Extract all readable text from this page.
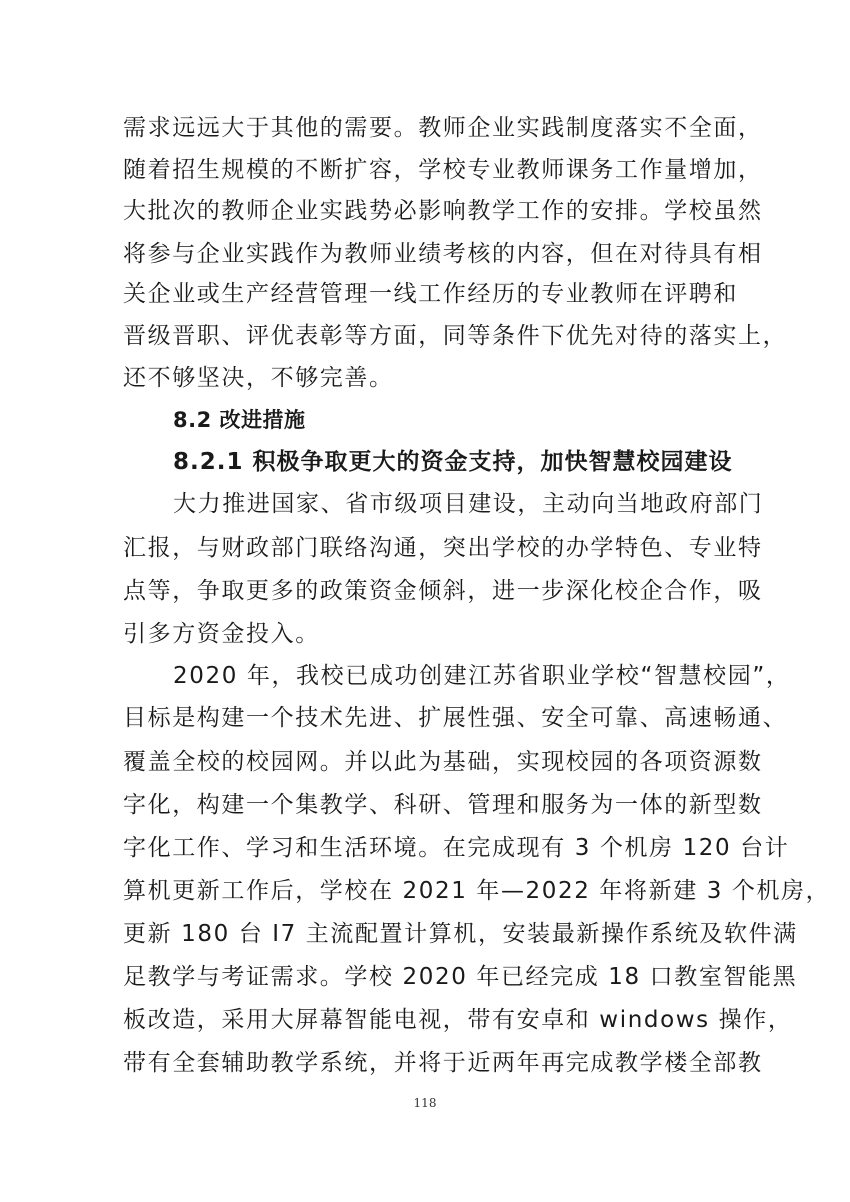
需求远远大于其他的需要。教师企业实践制度落实不全面，
随着招生规模的不断扩容，学校专业教师课务工作量增加，
大批次的教师企业实践势必影响教学工作的安排。学校虽然
将参与企业实践作为教师业绩考核的内容，但在对待具有相
关企业或生产经营管理一线工作经历的专业教师在评聘和
晋级晋职、评优表彰等方面，同等条件下优先对待的落实上，
还不够坚决，不够完善。
8.2 改进措施
8.2.1 积极争取更大的资金支持，加快智慧校园建设
大力推进国家、省市级项目建设，主动向当地政府部门
汇报，与财政部门联络沟通，突出学校的办学特色、专业特
点等，争取更多的政策资金倾斜，进一步深化校企合作，吸
引多方资金投入。
2020 年，我校已成功创建江苏省职业学校“智慧校园”，
目标是构建一个技术先进、扩展性强、安全可靠、高速畅通、
覆盖全校的校园网。并以此为基础，实现校园的各项资源数
字化，构建一个集教学、科研、管理和服务为一体的新型数
字化工作、学习和生活环境。在完成现有 3 个机房 120 台计
算机更新工作后，学校在 2021 年—2022 年将新建 3 个机房，
更新 180 台 I7 主流配置计算机，安装最新操作系统及软件满
足教学与考证需求。学校 2020 年已经完成 18 口教室智能黑
板改造，采用大屏幕智能电视，带有安卓和 windows 操作，
带有全套辅助教学系统，并将于近两年再完成教学楼全部教
118
